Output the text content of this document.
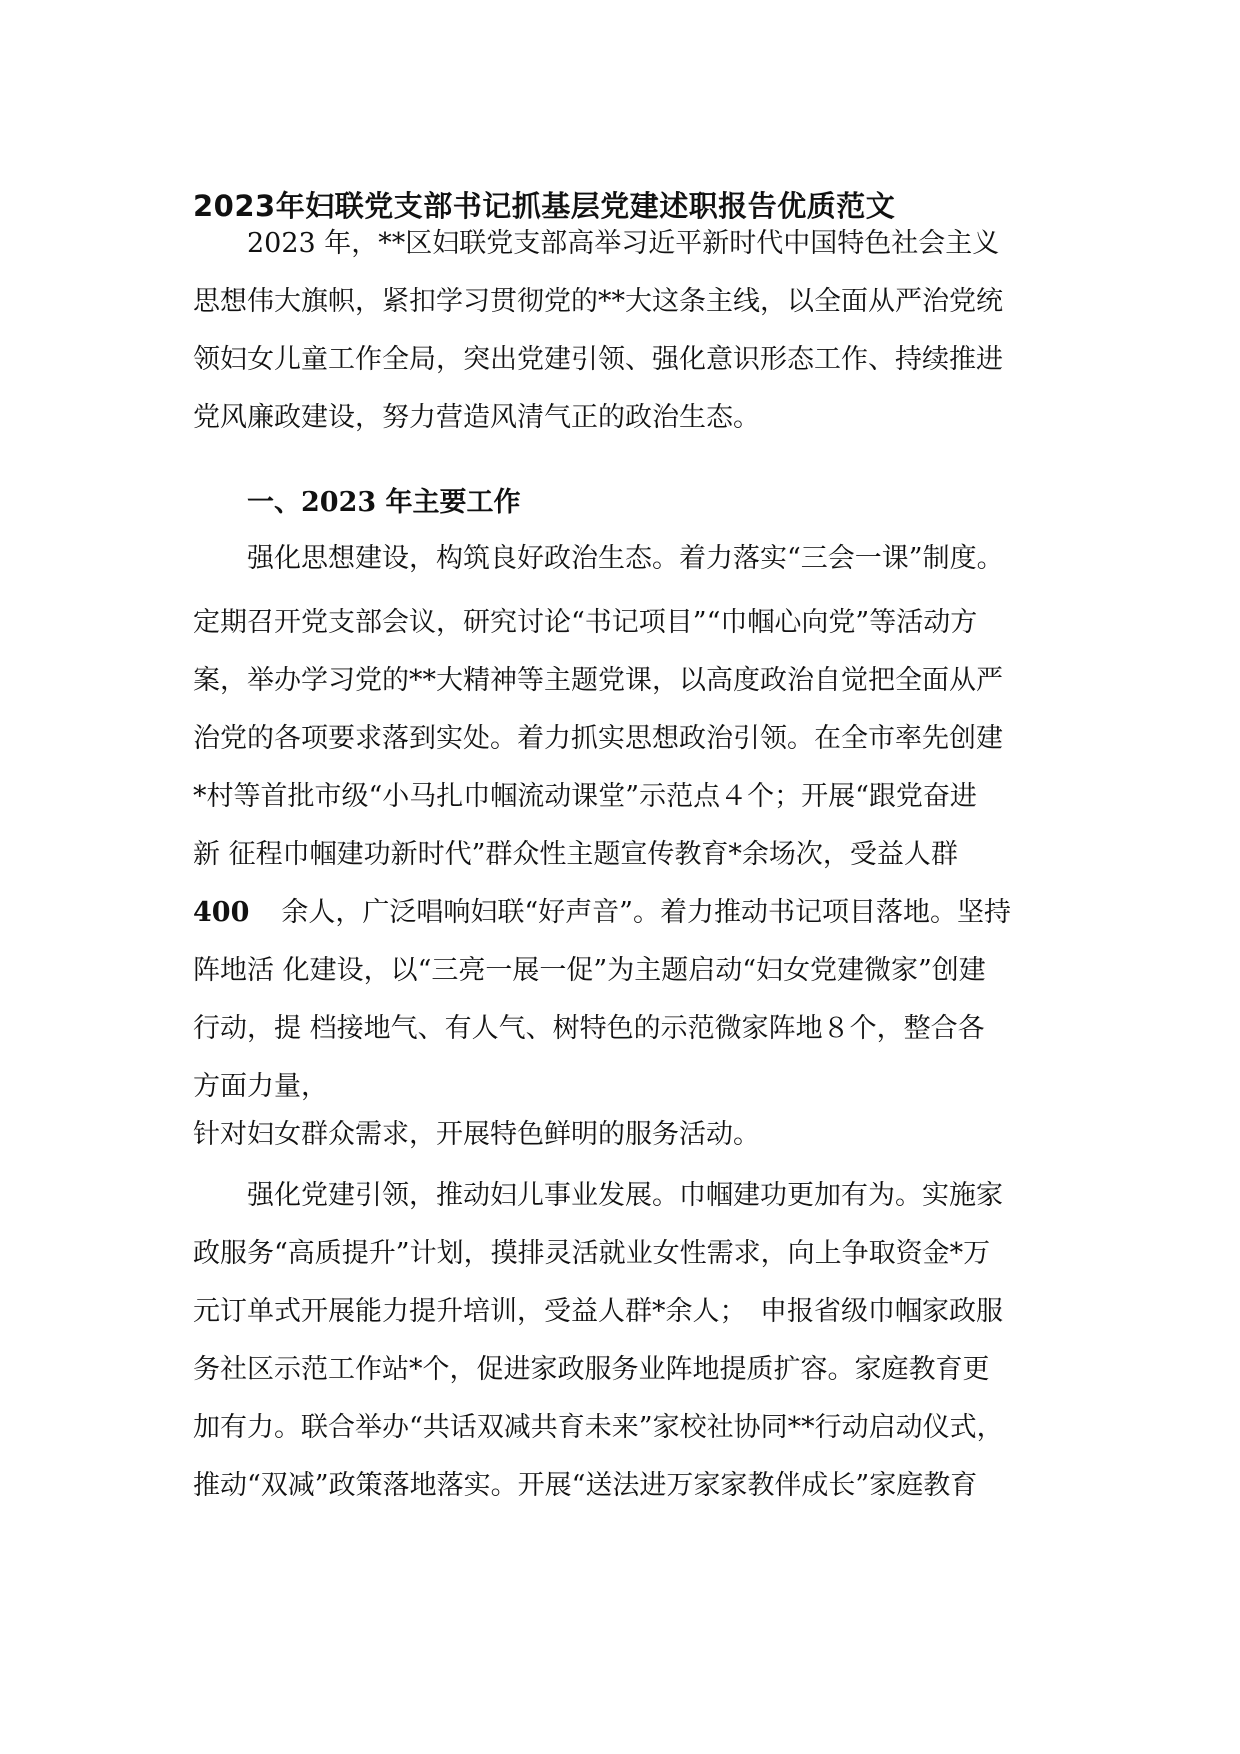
2023年妇联党支部书记抓基层党建述职报告优质范文
2023 年，**区妇联党支部高举习近平新时代中国特色社会主义
思想伟大旗帜，紧扣学习贯彻党的**大这条主线，以全面从严治党统
领妇女儿童工作全局，突出党建引领、强化意识形态工作、持续推进
党风廉政建设，努力营造风清气正的政治生态。
一、2023 年主要工作
强化思想建设，构筑良好政治生态。着力落实“三会一课”制度。
定期召开党支部会议，研究讨论“书记项目”“巾帼心向党”等活动方
案，举办学习党的**大精神等主题党课，以高度政治自觉把全面从严
治党的各项要求落到实处。着力抓实思想政治引领。在全市率先创建
*村等首批市级“小马扎巾帼流动课堂”示范点４个；开展“跟党奋进
新 征程巾帼建功新时代”群众性主题宣传教育*余场次，受益人群
400 余人，广泛唱响妇联“好声音”。着力推动书记项目落地。坚持
阵地活 化建设，以“三亮一展一促”为主题启动“妇女党建微家”创建
行动，提 档接地气、有人气、树特色的示范微家阵地８个，整合各
方面力量，
针对妇女群众需求，开展特色鲜明的服务活动。
强化党建引领，推动妇儿事业发展。巾帼建功更加有为。实施家
政服务“高质提升”计划，摸排灵活就业女性需求，向上争取资金*万
元订单式开展能力提升培训，受益人群*余人；　申报省级巾帼家政服
务社区示范工作站*个，促进家政服务业阵地提质扩容。家庭教育更
加有力。联合举办“共话双减共育未来”家校社协同**行动启动仪式，
推动“双减”政策落地落实。开展“送法进万家家教伴成长”家庭教育
